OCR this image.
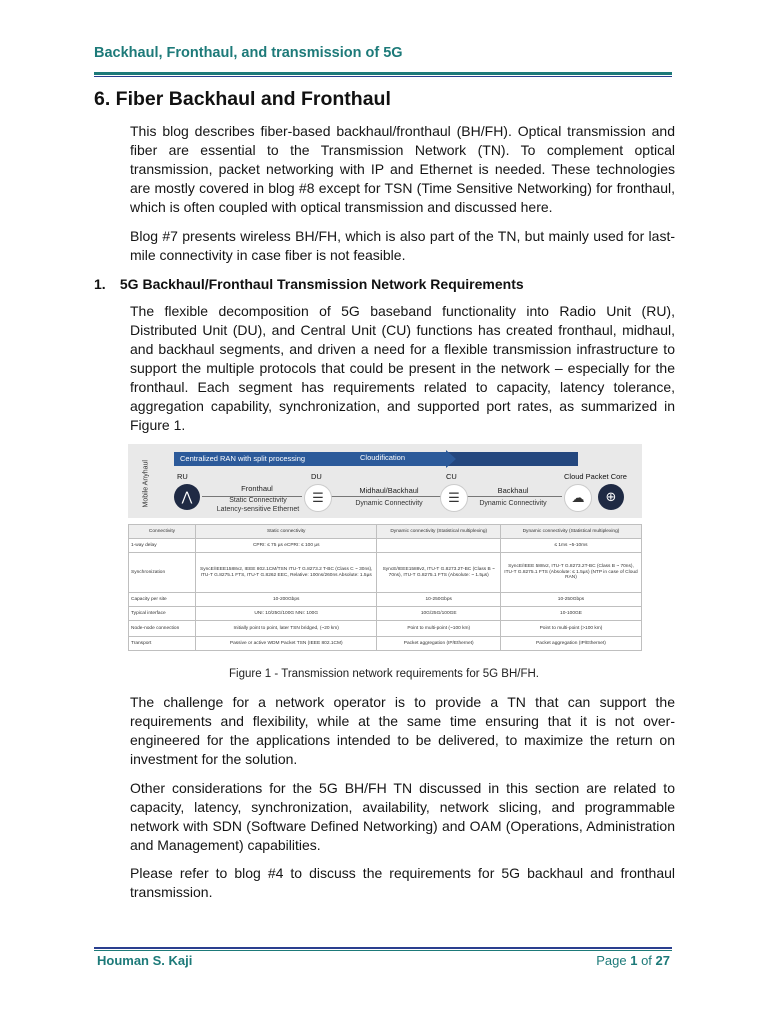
Backhaul, Fronthaul, and transmission of 5G
6. Fiber Backhaul and Fronthaul

This blog describes fiber-based backhaul/fronthaul (BH/FH). Optical transmission and fiber are essential to the Transmission Network (TN). To complement optical transmission, packet networking with IP and Ethernet is needed. These technologies are mostly covered in blog #8 except for TSN (Time Sensitive Networking) for fronthaul, which is often coupled with optical transmission and discussed here.

Blog #7 presents wireless BH/FH, which is also part of the TN, but mainly used for last-mile connectivity in case fiber is not feasible.

1. 5G Backhaul/Fronthaul Transmission Network Requirements

The flexible decomposition of 5G baseband functionality into Radio Unit (RU), Distributed Unit (DU), and Central Unit (CU) functions has created fronthaul, midhaul, and backhaul segments, and driven a need for a flexible transmission infrastructure to support the multiple protocols that could be present in the network – especially for the fronthaul. Each segment has requirements related to capacity, latency tolerance, aggregation capability, synchronization, and supported port rates, as summarized in Figure 1.

Mobile Anyhaul
Centralized RAN with split processing	Cloudification
RU	DU	CU	Cloud Packet Core
⋀	☰	☰	☁	⊕
Fronthaul
Static Connectivity
Latency-sensitive Ethernet
Midhaul/Backhaul
Dynamic Connectivity
Backhaul
Dynamic Connectivity
Connectivity	Static connectivity	Dynamic connectivity (Statistical multiplexing)	Dynamic connectivity (Statistical multiplexing)
1-way delay	CPRI: ≤ 75 µs eCPRI: ≤ 100 µs		≤ 1ms ~5-10ms
Synchronization	SyncE/IEEE1588v2, IEEE 802.1CM/TSN ITU-T G.8273.2 T-BC (Class C ~ 30ns), ITU-T G.8275.1 FTS, ITU-T G.8262 EEC, Relative: 100ns/260ns Absolute: 1.5µs	SyncE/IEEE1588v2, ITU-T G.8273.2T-BC (Class B ~ 70ns), ITU-T G.8275.1 FTS (Absolute: ~ 1.5µs)	SyncE/IEEE 588v2, ITU-T G.8273.2T-BC (Class B ~ 70ns), ITU-T G.8275.1 FTS (Absolute: ≤ 1.5µs) (NTP in case of Cloud RAN)
Capacity per site	10-200Gbps	10-250Gbps	10-250Gbps
Typical interface	UNI: 10/25G/100G NNI: 100G	10G/25G/100GE	10-100GE
Node-node connection	Initially point to point, later TSN bridged, (~20 km)	Point to multi-point (~100 km)	Point to multi-point (>100 km)
Transport	Passive or active WDM Packet TSN (IEEE 802.1CM)	Packet aggregation (IP/Ethernet)	Packet aggregation (IP/Ethernet)
Figure 1 - Transmission network requirements for 5G BH/FH.

The challenge for a network operator is to provide a TN that can support the requirements and flexibility, while at the same time ensuring that it is not over-engineered for the applications intended to be delivered, to maximize the return on investment for the solution.

Other considerations for the 5G BH/FH TN discussed in this section are related to capacity, latency, synchronization, availability, network slicing, and programmable network with SDN (Software Defined Networking) and OAM (Operations, Administration and Management) capabilities.

Please refer to blog #4 to discuss the requirements for 5G backhaul and fronthaul transmission.

Houman S. Kaji	Page 1 of 27
